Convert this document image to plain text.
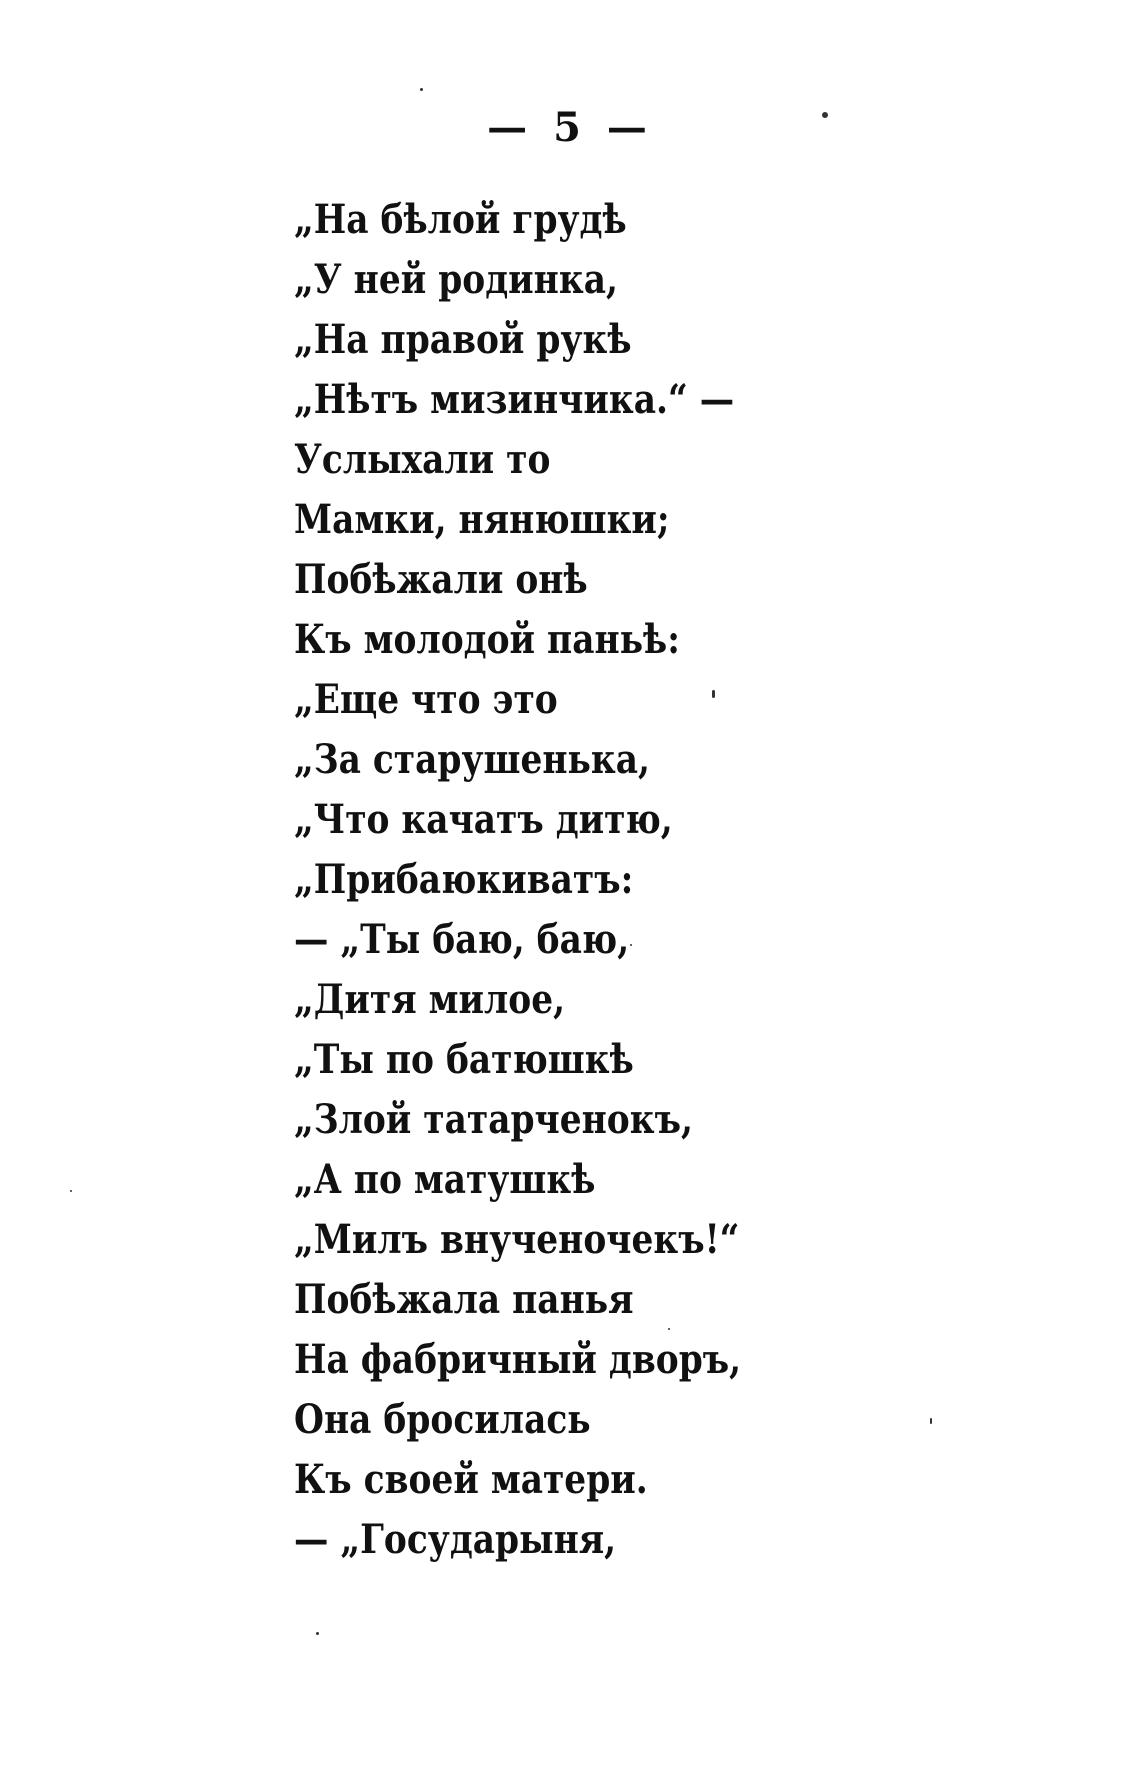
— 5 —
„На бѣлой грудѣ
„У ней родинка,
„На правой рукѣ
„Нѣтъ мизинчика.“ —
Услыхали то
Мамки, нянюшки;
Побѣжали онѣ
Къ молодой паньѣ:
„Еще что это
„За старушенька,
„Что качатъ дитю,
„Прибаюкиватъ:
— „Ты баю, баю,
„Дитя милое,
„Ты по батюшкѣ
„Злой татарченокъ,
„А по матушкѣ
„Милъ внученочекъ!“
Побѣжала панья
На фабричный дворъ,
Она бросилась
Къ своей матери.
— „Государыня,
